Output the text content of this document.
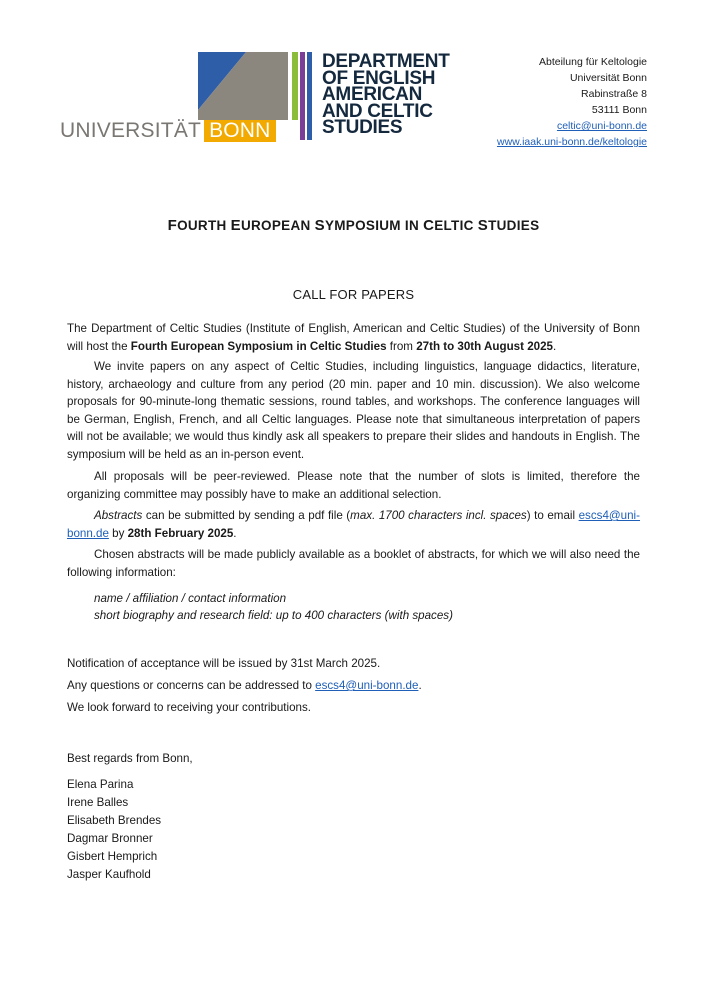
UNIVERSITÄT BONN
DEPARTMENT
OF ENGLISH
AMERICAN
AND CELTIC
STUDIES
Abteilung für Keltologie
Universität Bonn
Rabinstraße 8
53111 Bonn
celtic@uni-bonn.de
www.iaak.uni-bonn.de/keltologie
FOURTH EUROPEAN SYMPOSIUM IN CELTIC STUDIES
CALL FOR PAPERS
The Department of Celtic Studies (Institute of English, American and Celtic Studies) of the University of Bonn will host the Fourth European Symposium in Celtic Studies from 27th to 30th August 2025.
We invite papers on any aspect of Celtic Studies, including linguistics, language didactics, literature, history, archaeology and culture from any period (20 min. paper and 10 min. discussion). We also welcome proposals for 90-minute-long thematic sessions, round tables, and workshops. The conference languages will be German, English, French, and all Celtic languages. Please note that simultaneous interpretation of papers will not be available; we would thus kindly ask all speakers to prepare their slides and handouts in English. The symposium will be held as an in-person event.
All proposals will be peer-reviewed. Please note that the number of slots is limited, therefore the organizing committee may possibly have to make an additional selection.
Abstracts can be submitted by sending a pdf file (max. 1700 characters incl. spaces) to email escs4@uni-bonn.de by 28th February 2025.
Chosen abstracts will be made publicly available as a booklet of abstracts, for which we will also need the following information:
name / affiliation / contact information
short biography and research field: up to 400 characters (with spaces)
Notification of acceptance will be issued by 31st March 2025.
Any questions or concerns can be addressed to escs4@uni-bonn.de.
We look forward to receiving your contributions.
Best regards from Bonn,
Elena Parina
Irene Balles
Elisabeth Brendes
Dagmar Bronner
Gisbert Hemprich
Jasper Kaufhold
